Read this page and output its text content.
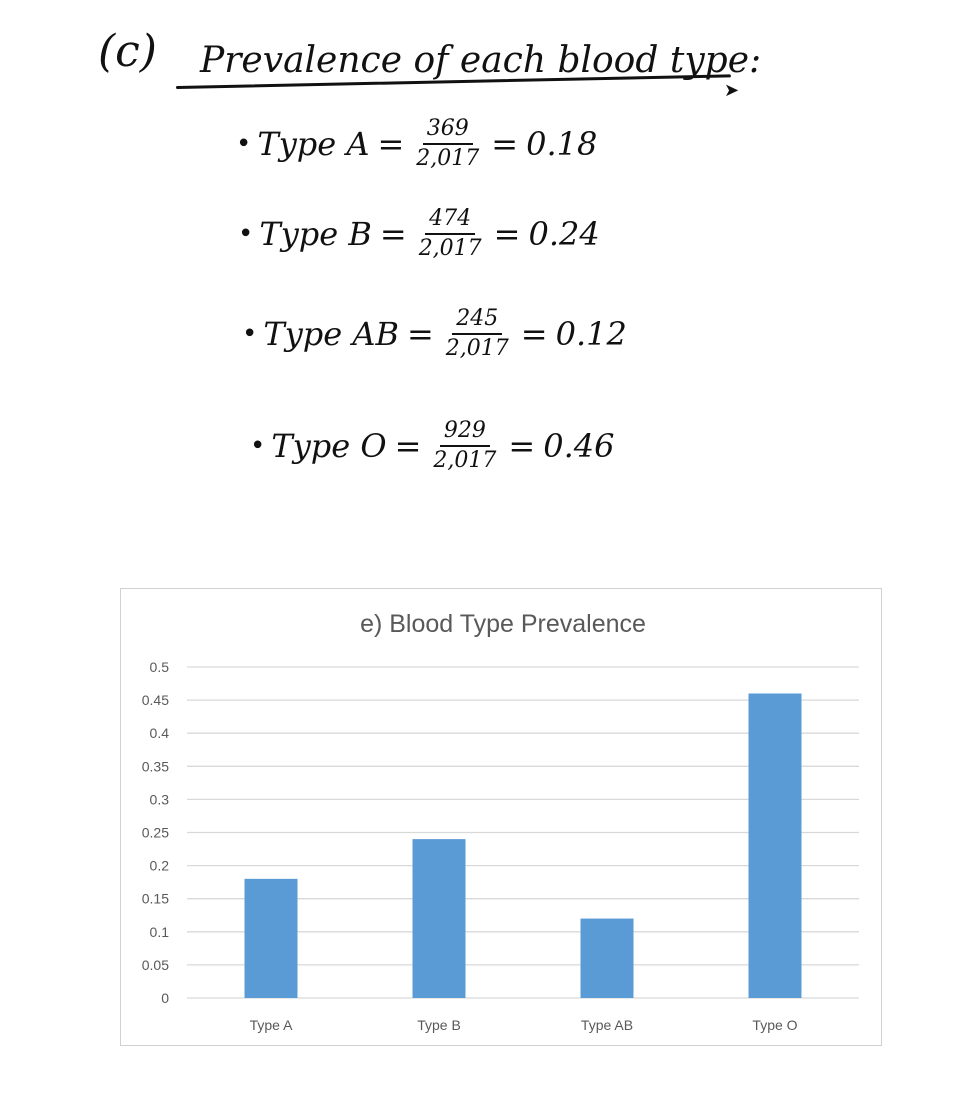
(c) Prevalence of each blood type:
➤
• Type $A = \frac{369}{2,017} = 0.18$
• Type $B = \frac{474}{2,017} = 0.24$
• Type AB = $\frac{245}{2,017} = 0.12$
• Type $O = \frac{929}{2,017} = 0.46$
e) Blood Type Prevalence
0
0.05
0.1
0.15
0.2
0.25
0.3
0.35
0.4
0.45
0.5
Type A	Type B	Type AB	Type O
